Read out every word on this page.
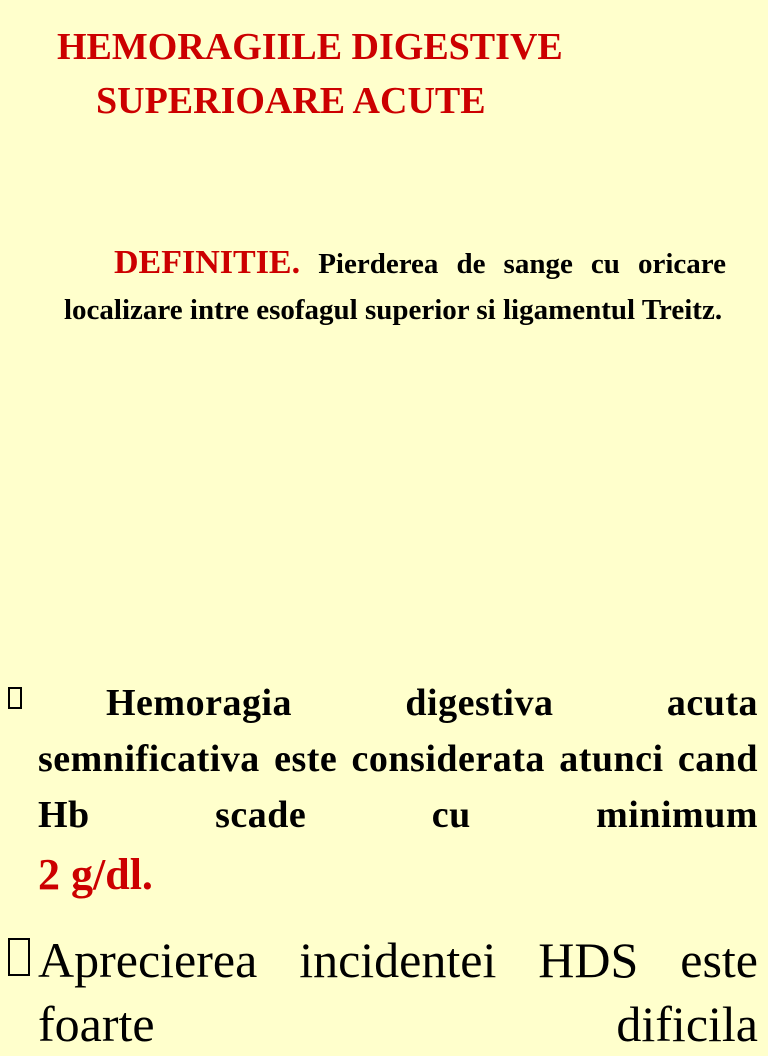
HEMORAGIILE DIGESTIVE
SUPERIOARE ACUTE
DEFINITIE. Pierderea de sange cu oricare localizare intre esofagul superior si ligamentul Treitz.
Hemoragia digestiva acuta semnificativa este considerata atunci cand Hb scade cu minimum
2 g/dl.
Aprecierea incidentei HDS este foarte dificila
